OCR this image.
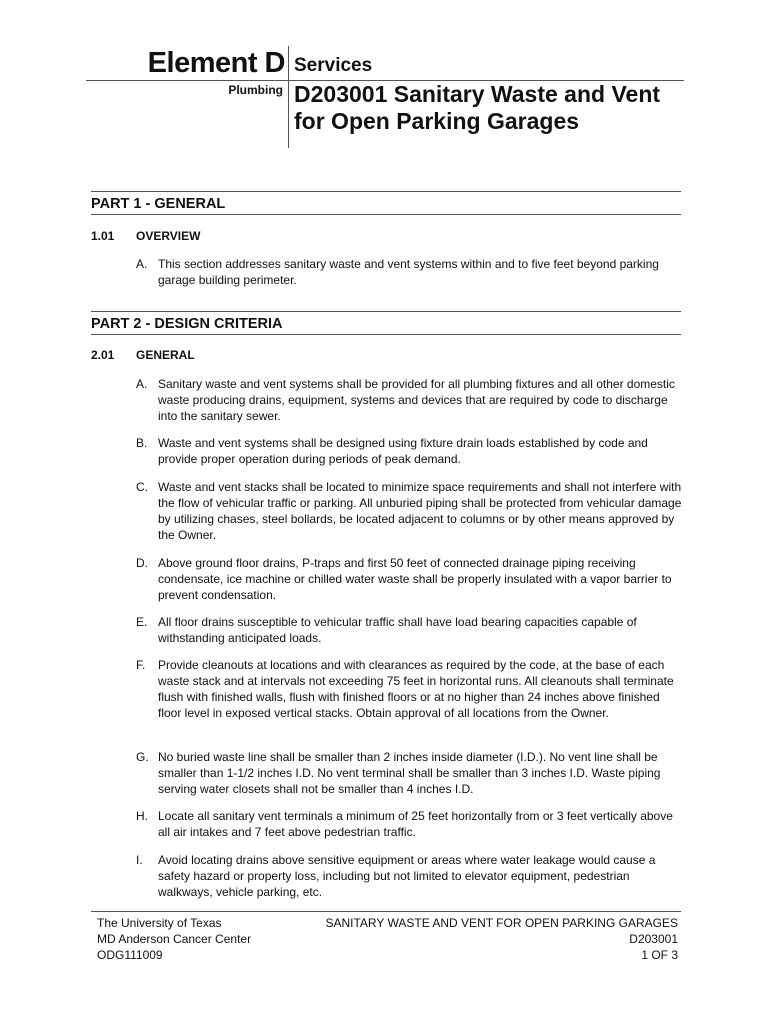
Element D
Plumbing
Services
D203001 Sanitary Waste and Vent for Open Parking Garages
PART 1 - GENERAL
1.01 OVERVIEW
A. This section addresses sanitary waste and vent systems within and to five feet beyond parking garage building perimeter.
PART 2 - DESIGN CRITERIA
2.01 GENERAL
A. Sanitary waste and vent systems shall be provided for all plumbing fixtures and all other domestic waste producing drains, equipment, systems and devices that are required by code to discharge into the sanitary sewer.
B. Waste and vent systems shall be designed using fixture drain loads established by code and provide proper operation during periods of peak demand.
C. Waste and vent stacks shall be located to minimize space requirements and shall not interfere with the flow of vehicular traffic or parking. All unburied piping shall be protected from vehicular damage by utilizing chases, steel bollards, be located adjacent to columns or by other means approved by the Owner.
D. Above ground floor drains, P-traps and first 50 feet of connected drainage piping receiving condensate, ice machine or chilled water waste shall be properly insulated with a vapor barrier to prevent condensation.
E. All floor drains susceptible to vehicular traffic shall have load bearing capacities capable of withstanding anticipated loads.
F. Provide cleanouts at locations and with clearances as required by the code, at the base of each waste stack and at intervals not exceeding 75 feet in horizontal runs. All cleanouts shall terminate flush with finished walls, flush with finished floors or at no higher than 24 inches above finished floor level in exposed vertical stacks. Obtain approval of all locations from the Owner.
G. No buried waste line shall be smaller than 2 inches inside diameter (I.D.). No vent line shall be smaller than 1-1/2 inches I.D. No vent terminal shall be smaller than 3 inches I.D. Waste piping serving water closets shall not be smaller than 4 inches I.D.
H. Locate all sanitary vent terminals a minimum of 25 feet horizontally from or 3 feet vertically above all air intakes and 7 feet above pedestrian traffic.
I. Avoid locating drains above sensitive equipment or areas where water leakage would cause a safety hazard or property loss, including but not limited to elevator equipment, pedestrian walkways, vehicle parking, etc.
The University of Texas
MD Anderson Cancer Center
ODG111009
SANITARY WASTE AND VENT FOR OPEN PARKING GARAGES
D203001
1 OF 3
